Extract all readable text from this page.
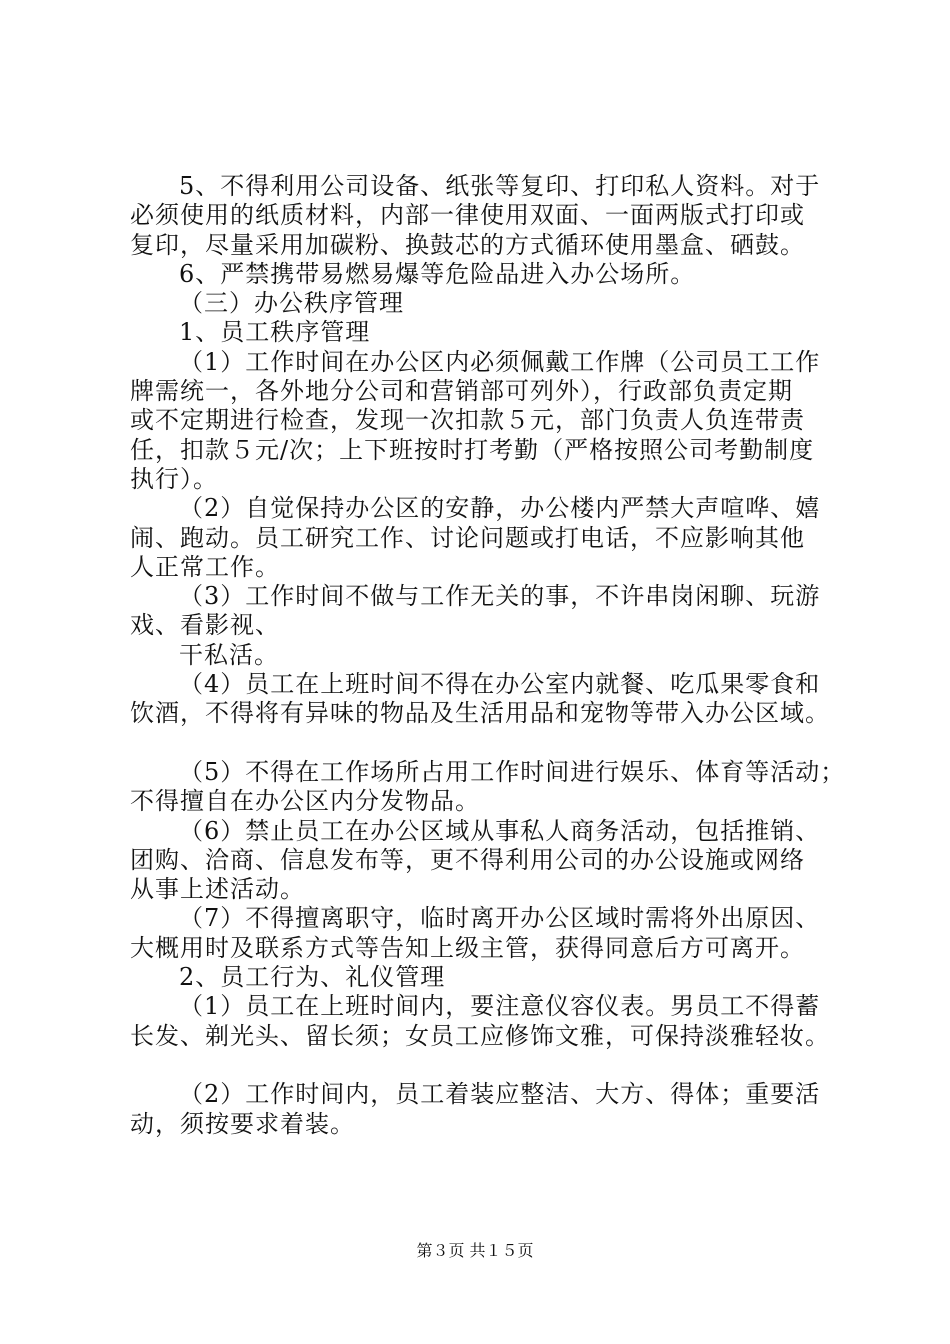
5、不得利用公司设备、纸张等复印、打印私人资料。对于
必须使用的纸质材料，内部一律使用双面、一面两版式打印或
复印，尽量采用加碳粉、换鼓芯的方式循环使用墨盒、硒鼓。
6、严禁携带易燃易爆等危险品进入办公场所。
（三）办公秩序管理
1、员工秩序管理
（1）工作时间在办公区内必须佩戴工作牌（公司员工工作
牌需统一，各外地分公司和营销部可列外），行政部负责定期
或不定期进行检查，发现一次扣款５元，部门负责人负连带责
任，扣款５元/次；上下班按时打考勤（严格按照公司考勤制度
执行）。
（2）自觉保持办公区的安静，办公楼内严禁大声喧哗、嬉
闹、跑动。员工研究工作、讨论问题或打电话，不应影响其他
人正常工作。
（3）工作时间不做与工作无关的事，不许串岗闲聊、玩游
戏、看影视、
干私活。
（4）员工在上班时间不得在办公室内就餐、吃瓜果零食和
饮酒，不得将有异味的物品及生活用品和宠物等带入办公区域。
（5）不得在工作场所占用工作时间进行娱乐、体育等活动；
不得擅自在办公区内分发物品。
（6）禁止员工在办公区域从事私人商务活动，包括推销、
团购、洽商、信息发布等，更不得利用公司的办公设施或网络
从事上述活动。
（7）不得擅离职守，临时离开办公区域时需将外出原因、
大概用时及联系方式等告知上级主管，获得同意后方可离开。
2、员工行为、礼仪管理
（1）员工在上班时间内，要注意仪容仪表。男员工不得蓄
长发、剃光头、留长须；女员工应修饰文雅，可保持淡雅轻妆。
（2）工作时间内，员工着装应整洁、大方、得体；重要活
动，须按要求着装。
第３页 共１５页
